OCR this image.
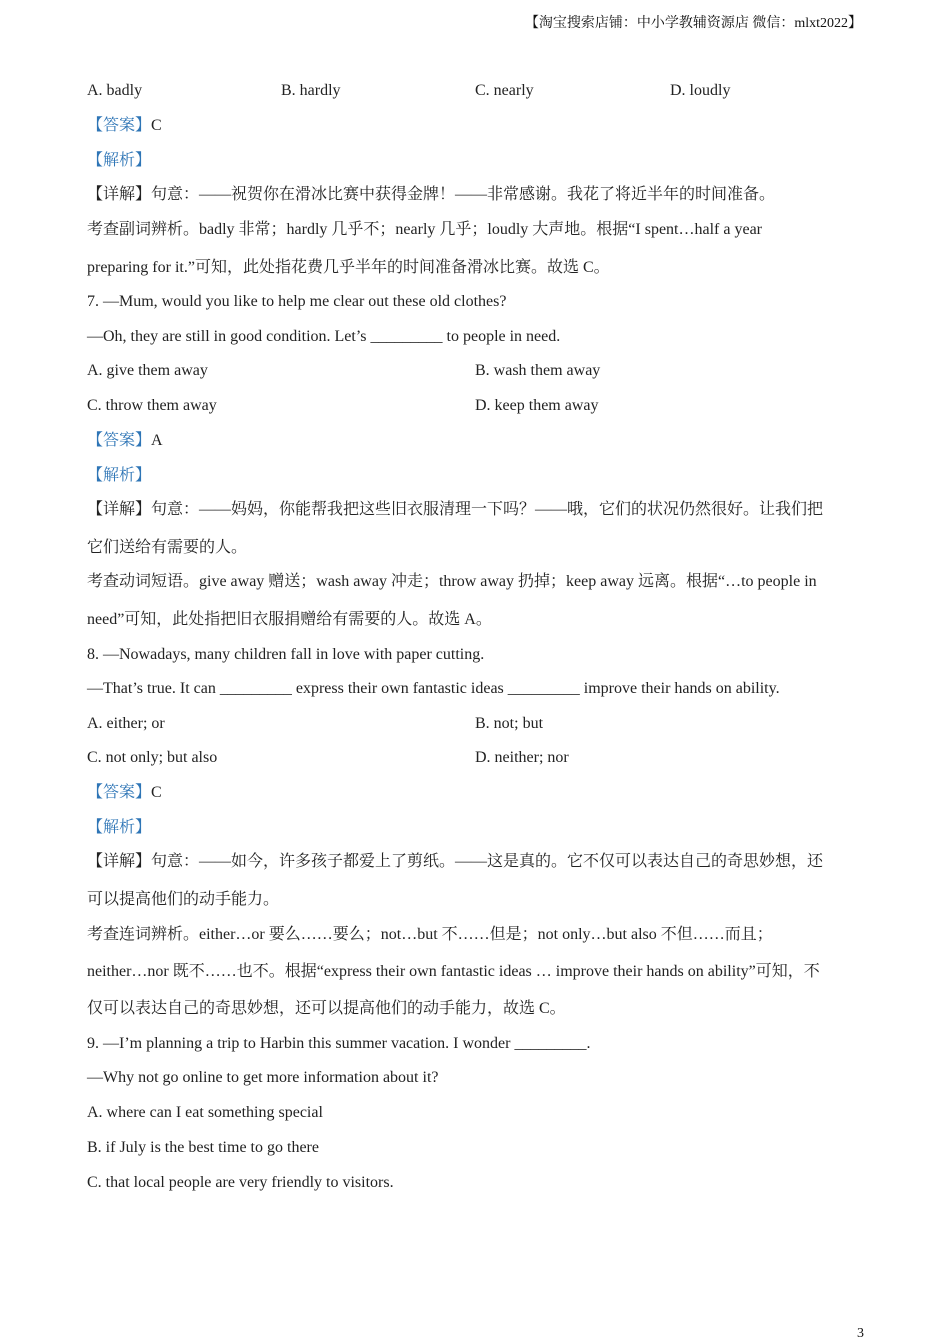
【淘宝搜索店铺：中小学教辅资源店 微信：mlxt2022】
A. badly	B. hardly	C. nearly	D. loudly
【答案】C
【解析】
【详解】句意：——祝贺你在滑冰比赛中获得金牌！——非常感谢。我花了将近半年的时间准备。
考查副词辨析。badly 非常；hardly 几乎不；nearly 几乎；loudly 大声地。根据“I spent…half a year
preparing for it.”可知，此处指花费几乎半年的时间准备滑冰比赛。故选 C。
7. —Mum, would you like to help me clear out these old clothes?
—Oh, they are still in good condition. Let’s _________ to people in need.
A. give them away	B. wash them away
C. throw them away	D. keep them away
【答案】A
【解析】
【详解】句意：——妈妈，你能帮我把这些旧衣服清理一下吗？——哦，它们的状况仍然很好。让我们把
它们送给有需要的人。
考查动词短语。give away 赠送；wash away 冲走；throw away 扔掉；keep away 远离。根据“…to people in
need”可知，此处指把旧衣服捐赠给有需要的人。故选 A。
8. —Nowadays, many children fall in love with paper cutting.
—That’s true. It can _________ express their own fantastic ideas _________ improve their hands on ability.
A. either; or	B. not; but
C. not only; but also	D. neither; nor
【答案】C
【解析】
【详解】句意：——如今，许多孩子都爱上了剪纸。——这是真的。它不仅可以表达自己的奇思妙想，还
可以提高他们的动手能力。
考查连词辨析。either…or 要么……要么；not…but 不……但是；not only…but also 不但……而且；
neither…nor 既不……也不。根据“express their own fantastic ideas … improve their hands on ability”可知，不
仅可以表达自己的奇思妙想，还可以提高他们的动手能力，故选 C。
9. —I’m planning a trip to Harbin this summer vacation. I wonder _________.
—Why not go online to get more information about it?
A. where can I eat something special
B. if July is the best time to go there
C. that local people are very friendly to visitors.
3
